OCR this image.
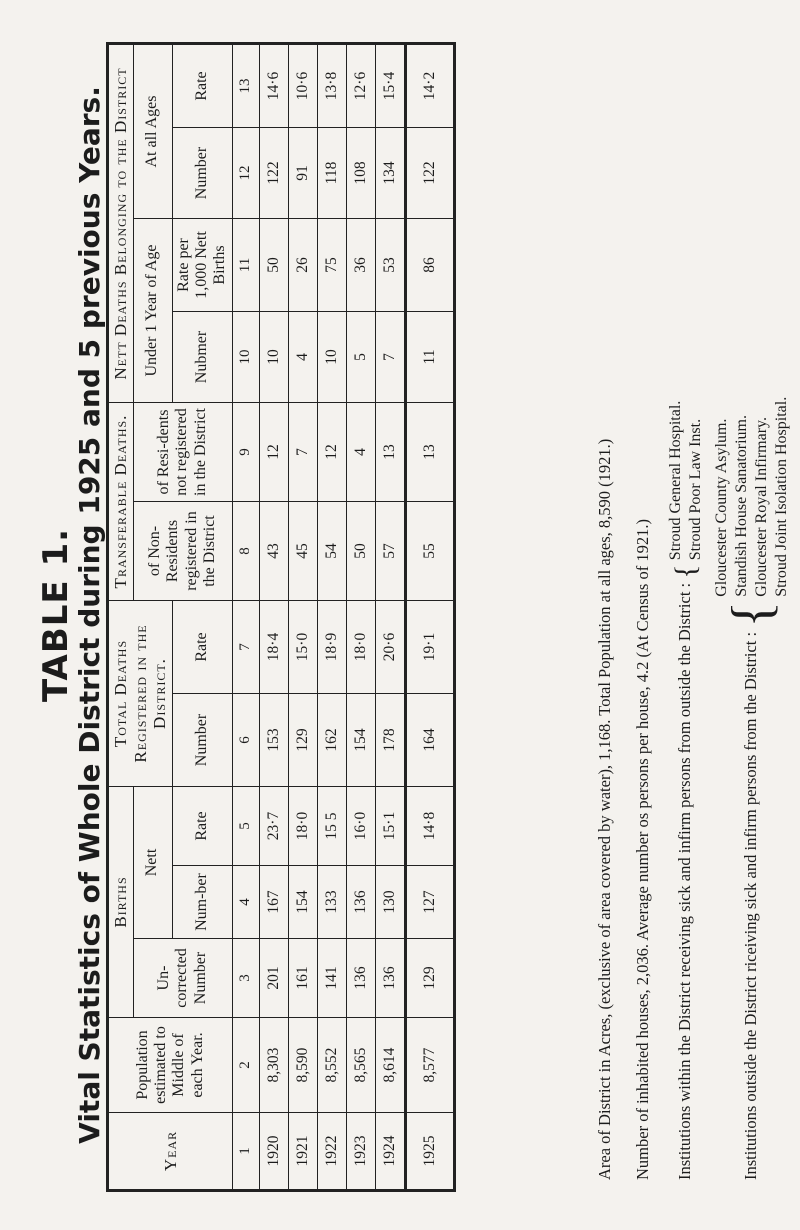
TABLE 1.
Vital Statistics of Whole District during 1925 and 5 previous Years.
Year	Population estimated to Middle of each Year.	Births			Total Deaths Registered in the District.		Transferable Deaths.		Nett Deaths Belonging to the District			
		Un-corrected Number	Nett				of Non-Residents registered in the District	of Resi-dents not registered in the District	Under 1 Year of Age		At all Ages	
			Num-ber	Rate	Number	Rate			Nubmer	Rate per 1,000 Nett Births	Number	Rate
1	2	3	4	5	6	7	8	9	10	11	12	13
1920	8,303	201	167	23·7	153	18·4	43	12	10	50	122	14·6
1921	8,590	161	154	18·0	129	15·0	45	7	4	26	91	10·6
1922	8,552	141	133	15 5	162	18·9	54	12	10	75	118	13·8
1923	8,565	136	136	16·0	154	18·0	50	4	5	36	108	12·6
1924	8,614	136	130	15·1	178	20·6	57	13	7	53	134	15·4
1925	8,577	129	127	14·8	164	19·1	55	13	11	86	122	14·2
Area of District in Acres, (exclusive of area covered by water), 1,168. Total Population at all ages, 8,590 (1921.) Number of inhabited houses, 2,036. Average number os persons per house, 4.2 (At Census of 1921.)	Institutions within the District receiving sick and infirm persons from outside the District : { Stroud General Hospital. Stroud Poor Law Inst.
Institutions outside the District riceiving sick and infirm persons from the District : { Gloucester County Asylum. Standish House Sanatorium. Gloucester Royal Infirmary. Stroud Joint Isolation Hospital.
